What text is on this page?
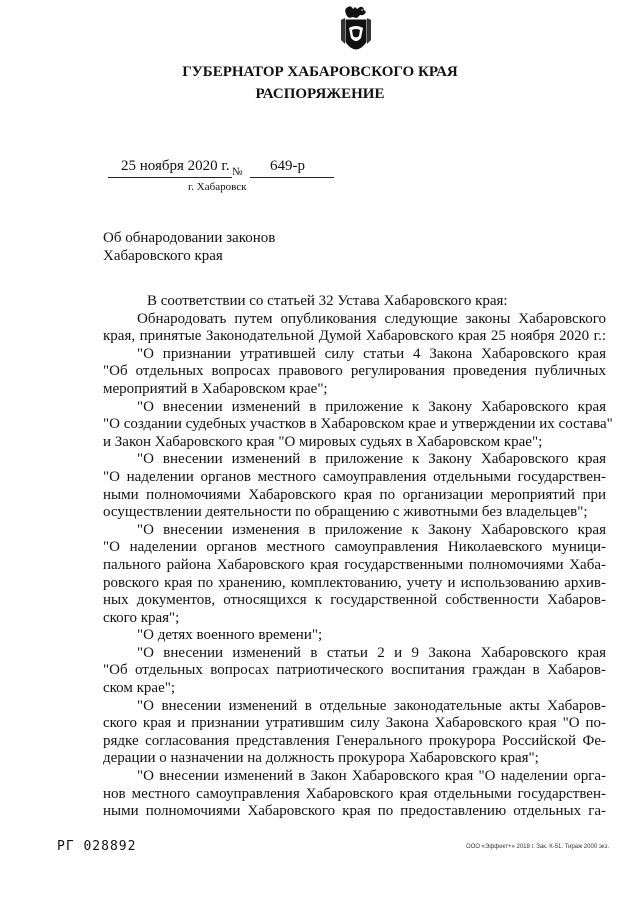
ГУБЕРНАТОР ХАБАРОВСКОГО КРАЯ
РАСПОРЯЖЕНИЕ
25 ноября 2020 г. № 649-р
г. Хабаровск
Об обнародовании законов
Хабаровского края
В соответствии со статьей 32 Устава Хабаровского края:
Обнародовать путем опубликования следующие законы Хабаровского
края, принятые Законодательной Думой Хабаровского края 25 ноября 2020 г.:
"О признании утратившей силу статьи 4 Закона Хабаровского края
"Об отдельных вопросах правового регулирования проведения публичных
мероприятий в Хабаровском крае";
"О внесении изменений в приложение к Закону Хабаровского края
"О создании судебных участков в Хабаровском крае и утверждении их состава"
и Закон Хабаровского края "О мировых судьях в Хабаровском крае";
"О внесении изменений в приложение к Закону Хабаровского края
"О наделении органов местного самоуправления отдельными государствен-
ными полномочиями Хабаровского края по организации мероприятий при
осуществлении деятельности по обращению с животными без владельцев";
"О внесении изменения в приложение к Закону Хабаровского края
"О наделении органов местного самоуправления Николаевского муници-
пального района Хабаровского края государственными полномочиями Хаба-
ровского края по хранению, комплектованию, учету и использованию архив-
ных документов, относящихся к государственной собственности Хабаров-
ского края";
"О детях военного времени";
"О внесении изменений в статьи 2 и 9 Закона Хабаровского края
"Об отдельных вопросах патриотического воспитания граждан в Хабаров-
ском крае";
"О внесении изменений в отдельные законодательные акты Хабаров-
ского края и признании утратившим силу Закона Хабаровского края "О по-
рядке согласования представления Генерального прокурора Российской Фе-
дерации о назначении на должность прокурора Хабаровского края";
"О внесении изменений в Закон Хабаровского края "О наделении орга-
нов местного самоуправления Хабаровского края отдельными государствен-
ными полномочиями Хабаровского края по предоставлению отдельных га-
РГ 028892	ООО «Эффект+» 2018 г. Зак. К-51. Тираж 2000 экз.
